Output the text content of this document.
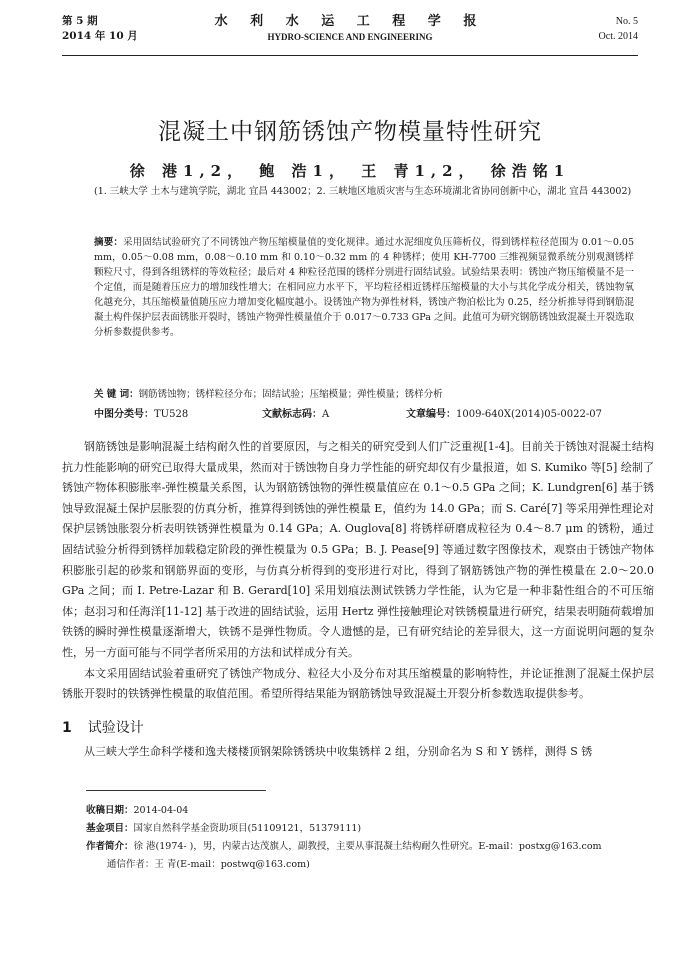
第 5 期
2014 年 10 月
水 利 水 运 工 程 学 报
HYDRO-SCIENCE AND ENGINEERING
No. 5
Oct. 2014
混凝土中钢筋锈蚀产物模量特性研究
徐 港1,2， 鲍 浩1， 王 青1,2， 徐浩铭1
(1. 三峡大学 土木与建筑学院，湖北 宜昌 443002；2. 三峡地区地质灾害与生态环境湖北省协同创新中心，湖北 宜昌 443002)
摘要：采用固结试验研究了不同锈蚀产物压缩模量值的变化规律。通过水泥细度负压筛析仪，得到锈样粒径范围为 0.01～0.05 mm，0.05～0.08 mm，0.08～0.10 mm 和 0.10～0.32 mm 的 4 种锈样；使用 KH-7700 三维视频显微系统分别观测锈样颗粒尺寸，得到各组锈样的等效粒径；最后对 4 种粒径范围的锈样分别进行固结试验。试验结果表明：锈蚀产物压缩模量不是一个定值，而是随着压应力的增加线性增大；在相同应力水平下，平均粒径相近锈样压缩模量的大小与其化学成分相关，锈蚀物氧化越充分，其压缩模量值随压应力增加变化幅度越小。设锈蚀产物为弹性材料，锈蚀产物泊松比为 0.25，经分析推导得到钢筋混凝土构件保护层表面锈胀开裂时，锈蚀产物弹性模量值介于 0.017～0.733 GPa 之间。此值可为研究钢筋锈蚀致混凝土开裂选取分析参数提供参考。
关 键 词：钢筋锈蚀物；锈样粒径分布；固结试验；压缩模量；弹性模量；锈样分析
中图分类号：TU528	文献标志码：A	文章编号：1009-640X(2014)05-0022-07

钢筋锈蚀是影响混凝土结构耐久性的首要原因，与之相关的研究受到人们广泛重视[1-4]。目前关于锈蚀对混凝土结构抗力性能影响的研究已取得大量成果，然而对于锈蚀物自身力学性能的研究却仅有少量报道，如 S. Kumiko 等[5] 绘制了锈蚀产物体积膨胀率-弹性模量关系图，认为钢筋锈蚀物的弹性模量值应在 0.1～0.5 GPa 之间；K. Lundgren[6] 基于锈蚀导致混凝土保护层胀裂的仿真分析，推算得到锈蚀的弹性模量 E，值约为 14.0 GPa；而 S. Caré[7] 等采用弹性理论对保护层锈蚀胀裂分析表明铁锈弹性模量为 0.14 GPa；A. Ouglova[8] 将锈样研磨成粒径为 0.4～8.7 μm 的锈粉，通过固结试验分析得到锈样加载稳定阶段的弹性模量为 0.5 GPa；B. J. Pease[9] 等通过数字图像技术，观察由于锈蚀产物体积膨胀引起的砂浆和钢筋界面的变形，与仿真分析得到的变形进行对比，得到了钢筋锈蚀产物的弹性模量在 2.0～20.0 GPa 之间；而 I. Petre-Lazar 和 B. Gerard[10] 采用划痕法测试铁锈力学性能，认为它是一种非黏性组合的不可压缩体；赵羽习和任海洋[11-12] 基于改进的固结试验，运用 Hertz 弹性接触理论对铁锈模量进行研究，结果表明随荷载增加铁锈的瞬时弹性模量逐渐增大，铁锈不是弹性物质。令人遗憾的是，已有研究结论的差异很大，这一方面说明问题的复杂性，另一方面可能与不同学者所采用的方法和试样成分有关。

本文采用固结试验着重研究了锈蚀产物成分、粒径大小及分布对其压缩模量的影响特性，并论证推测了混凝土保护层锈胀开裂时的铁锈弹性模量的取值范围。希望所得结果能为钢筋锈蚀导致混凝土开裂分析参数选取提供参考。

1 试验设计
从三峡大学生命科学楼和逸夫楼楼顶钢架除锈锈块中收集锈样 2 组，分别命名为 S 和 Y 锈样，测得 S 锈
收稿日期：2014-04-04
基金项目：国家自然科学基金资助项目(51109121，51379111)
作者简介：徐 港(1974- )，男，内蒙古达茂旗人，副教授，主要从事混凝土结构耐久性研究。E-mail：postxg@163.com
通信作者：王 青(E-mail：postwq@163.com)
